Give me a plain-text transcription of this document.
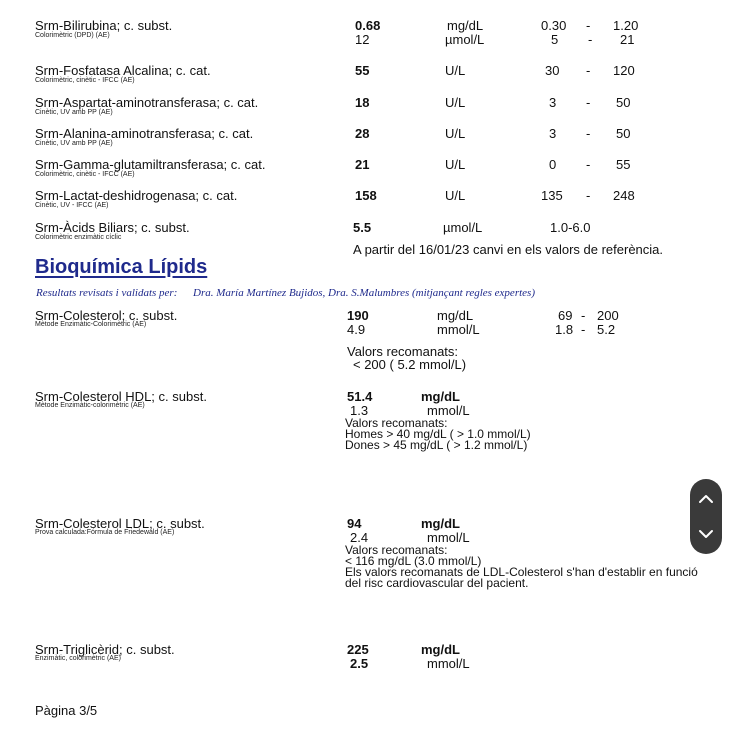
Srm-Bilirubina; c. subst.
Colorimètric (DPD) (AE)
0.68	mg/dL	0.30 - 1.20
12	µmol/L	5 - 21
Srm-Fosfatasa Alcalina; c. cat.
Colorimètric, cinètic - IFCC (AE)
55	U/L	30 - 120
Srm-Aspartat-aminotransferasa; c. cat.
Cinètic, UV amb PP (AE)
18	U/L	3 - 50
Srm-Alanina-aminotransferasa; c. cat.
Cinètic, UV amb PP (AE)
28	U/L	3 - 50
Srm-Gamma-glutamiltransferasa; c. cat.
Colorimètric, cinètic - IFCC (AE)
21	U/L	0 - 55
Srm-Lactat-deshidrogenasa; c. cat.
Cinètic, UV - IFCC (AE)
158	U/L	135 - 248
Srm-Àcids Biliars; c. subst.
Colorimètric enzimàtic cíclic
5.5	µmol/L	1.0-6.0
A partir del 16/01/23 canvi en els valors de referència.
Bioquímica Lípids
Resultats revisats i validats per: Dra. María Martínez Bujidos, Dra. S.Malumbres (mitjançant regles expertes)
Srm-Colesterol; c. subst.
Mètode Enzimàtic-Colorimètric (AE)
190	mg/dL	69 - 200
4.9	mmol/L	1.8 - 5.2
Valors recomanats:
< 200 ( 5.2 mmol/L)
Srm-Colesterol HDL; c. subst.
Mètode Enzimàtic-colorimètric (AE)
51.4	mg/dL
1.3	mmol/L
Valors recomanats:
Homes > 40 mg/dL ( > 1.0 mmol/L)
Dones > 45 mg/dL ( > 1.2 mmol/L)
Srm-Colesterol LDL; c. subst.
Prova calculada:Fórmula de Friedewald (AE)
94	mg/dL
2.4	mmol/L
Valors recomanats:
< 116 mg/dL (3.0 mmol/L)
Els valors recomanats de LDL-Colesterol s'han d'establir en funció
del risc cardiovascular del pacient.
Srm-Triglicèrid; c. subst.
Enzimàtic, colorimètric (AE)
225	mg/dL
2.5	mmol/L
Pàgina 3/5
